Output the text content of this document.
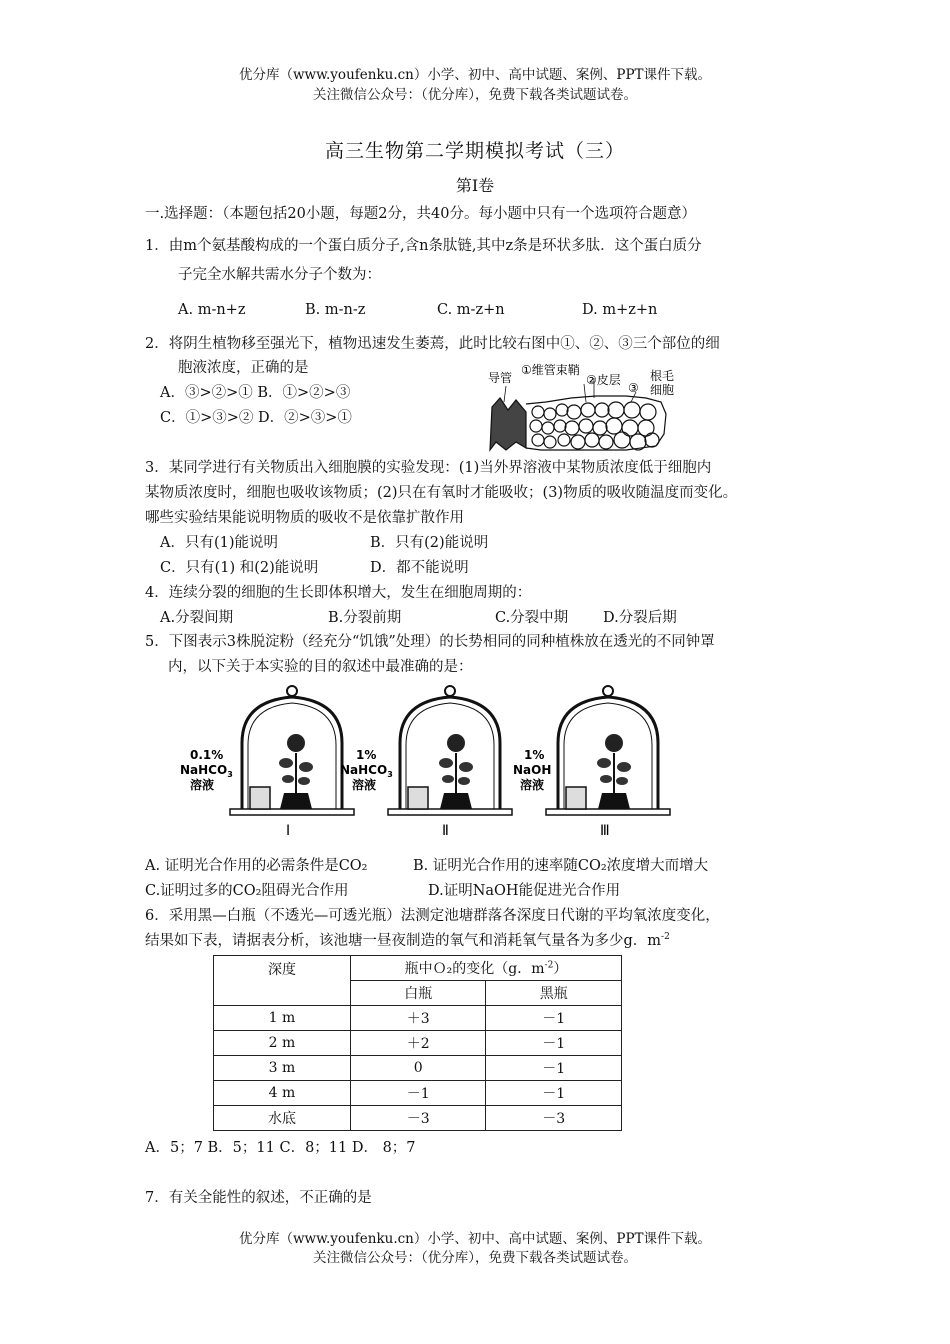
优分库（www.youfenku.cn）小学、初中、高中试题、案例、PPT课件下载。
关注微信公众号：（优分库），免费下载各类试题试卷。
高三生物第二学期模拟考试（三）
第Ⅰ卷
一.选择题：（本题包括20小题，每题2分，共40分。每小题中只有一个选项符合题意）
1．由m个氨基酸构成的一个蛋白质分子,含n条肽链,其中z条是环状多肽．这个蛋白质分
子完全水解共需水分子个数为：
A. m-n+z	B. m-n-z	C. m-z+n	D. m+z+n
2．将阴生植物移至强光下，植物迅速发生萎蔫，此时比较右图中①、②、③三个部位的细
胞液浓度，正确的是
A．③>②>① B．①>②>③
C．①>③>② D．②>③>①
导管
①维管束鞘
②皮层
③
根毛
细胞
3．某同学进行有关物质出入细胞膜的实验发现：(1)当外界溶液中某物质浓度低于细胞内
某物质浓度时，细胞也吸收该物质；(2)只在有氧时才能吸收；(3)物质的吸收随温度而变化。
哪些实验结果能说明物质的吸收不是依靠扩散作用
A．只有(1)能说明	B．只有(2)能说明
C．只有(1) 和(2)能说明	D．都不能说明
4．连续分裂的细胞的生长即体积增大，发生在细胞周期的：
A.分裂间期	B.分裂前期	C.分裂中期 D.分裂后期
5．下图表示3株脱淀粉（经充分“饥饿”处理）的长势相同的同种植株放在透光的不同钟罩
内，以下关于本实验的目的叙述中最准确的是：
0.1%
NaHCO$_3$
溶液
Ⅰ
1%
NaHCO$_3$
溶液
Ⅱ
1%
NaOH
溶液
Ⅲ
A. 证明光合作用的必需条件是CO₂	B. 证明光合作用的速率随CO₂浓度增大而增大
C.证明过多的CO₂阻碍光合作用	D.证明NaOH能促进光合作用
6．采用黑—白瓶（不透光—可透光瓶）法测定池塘群落各深度日代谢的平均氧浓度变化，
结果如下表，请据表分析，该池塘一昼夜制造的氧气和消耗氧气量各为多少g．$m^{-2}$
深度	瓶中Ｏ₂的变化（g．$m^{-2}$）	
	白瓶	黑瓶
1 m	＋3	－1
2 m	＋2	－1
3 m	0	－1
4 m	－1	－1
水底	－3	－3
A．5；7 B．5；11 C．8；11 D． 8；7
7．有关全能性的叙述，不正确的是
优分库（www.youfenku.cn）小学、初中、高中试题、案例、PPT课件下载。
关注微信公众号：（优分库），免费下载各类试题试卷。
